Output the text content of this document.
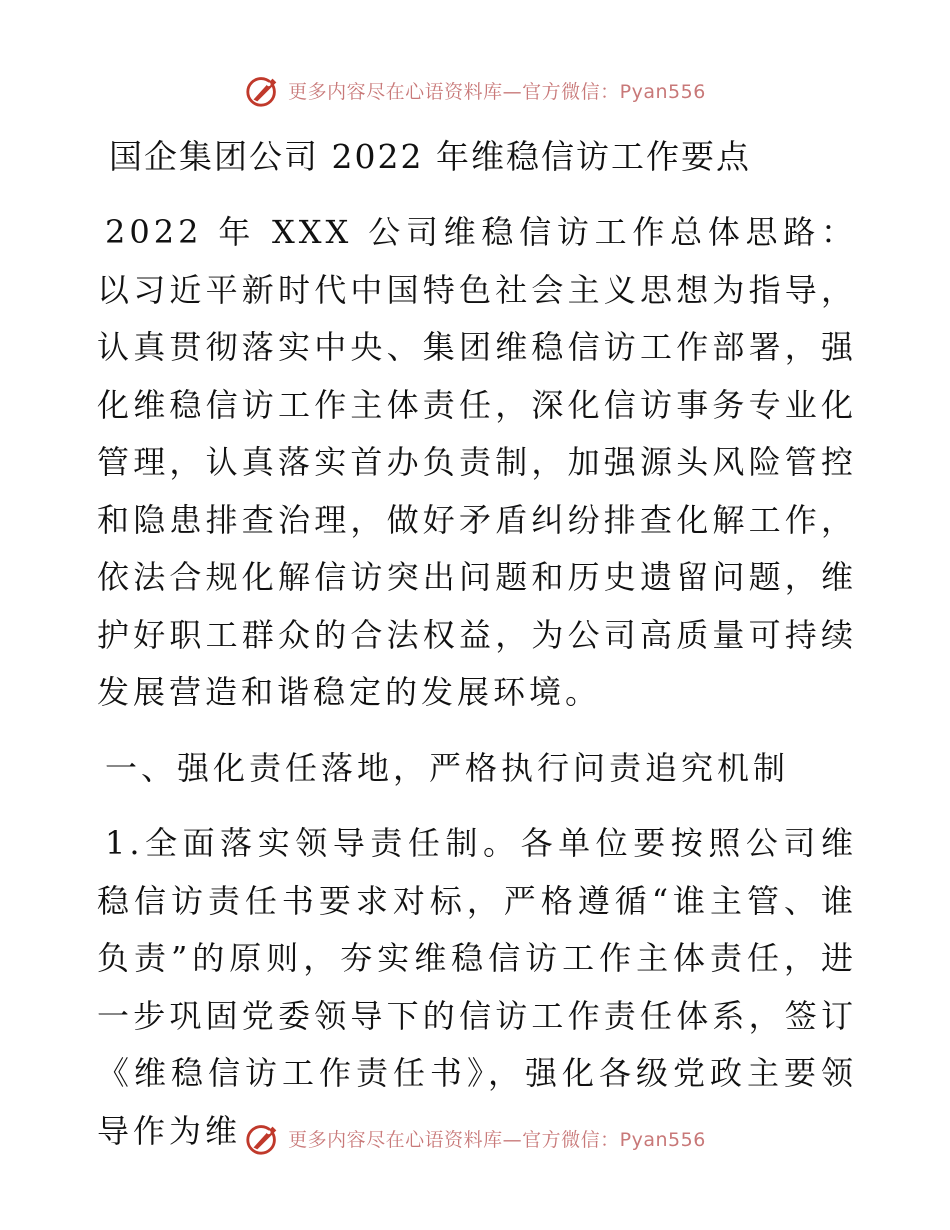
更多内容尽在心语资料库—官方微信：Pyan556
国企集团公司 2022 年维稳信访工作要点

2022 年 XXX 公司维稳信访工作总体思路：以习近平新时代中国特色社会主义思想为指导，认真贯彻落实中央、集团维稳信访工作部署，强化维稳信访工作主体责任，深化信访事务专业化管理，认真落实首办负责制，加强源头风险管控和隐患排查治理，做好矛盾纠纷排查化解工作，依法合规化解信访突出问题和历史遗留问题，维护好职工群众的合法权益，为公司高质量可持续发展营造和谐稳定的发展环境。

一、强化责任落地，严格执行问责追究机制

1.全面落实领导责任制。各单位要按照公司维稳信访责任书要求对标，严格遵循“谁主管、谁负责”的原则，夯实维稳信访工作主体责任，进一步巩固党委领导下的信访工作责任体系，签订《维稳信访工作责任书》，强化各级党政主要领导作为维	更多内容尽在心语资料库—官方微信：Pyan556
